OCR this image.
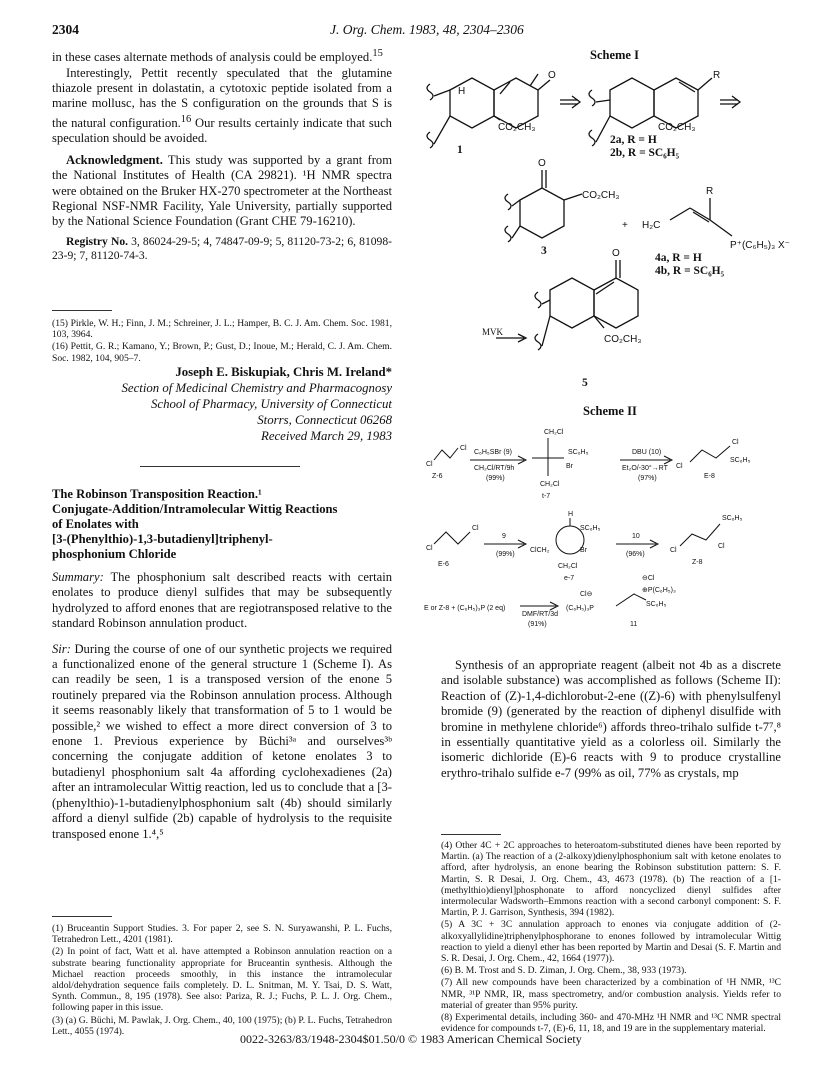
2304	J. Org. Chem. 1983, 48, 2304–2306

in these cases alternate methods of analysis could be employed.$^{15}$

Interestingly, Pettit recently speculated that the glutamine thiazole present in dolastatin, a cytotoxic peptide isolated from a marine mollusc, has the S configuration on the grounds that S is the natural configuration.$^{16}$ Our results certainly indicate that such speculation should be avoided.

Acknowledgment. This study was supported by a grant from the National Institutes of Health (CA 29821). ¹H NMR spectra were obtained on the Bruker HX-270 spectrometer at the Northeast Regional NSF-NMR Facility, Yale University, partially supported by the National Science Foundation (Grant CHE 79-16210).

Registry No. 3, 86024-29-5; 4, 74847-09-9; 5, 81120-73-2; 6, 81098-23-9; 7, 81120-74-3.

(15) Pirkle, W. H.; Finn, J. M.; Schreiner, J. L.; Hamper, B. C. J. Am. Chem. Soc. 1981, 103, 3964.

(16) Pettit, G. R.; Kamano, Y.; Brown, P.; Gust, D.; Inoue, M.; Herald, C. J. Am. Chem. Soc. 1982, 104, 905–7.

Joseph E. Biskupiak, Chris M. Ireland*

Section of Medicinal Chemistry and Pharmacognosy

School of Pharmacy, University of Connecticut

Storrs, Connecticut 06268

Received March 29, 1983

The Robinson Transposition Reaction.¹

Conjugate-Addition/Intramolecular Wittig Reactions

of Enolates with

[3-(Phenylthio)-1,3-butadienyl]triphenyl-

phosphonium Chloride

Summary: The phosphonium salt described reacts with certain enolates to produce dienyl sulfides that may be subsequently hydrolyzed to afford enones that are regiotransposed relative to the standard Robinson annulation product.

Sir: During the course of one of our synthetic projects we required a functionalized enone of the general structure 1 (Scheme I). As can readily be seen, 1 is a transposed version of the enone 5 routinely prepared via the Robinson annulation process. Although it seems reasonably likely that transformation of 5 to 1 would be possible,² we wished to effect a more direct conversion of 3 to enone 1. Previous experience by Büchi³ᵃ and ourselves³ᵇ concerning the conjugate addition of ketone enolates 3 to butadienyl phosphonium salt 4a affording cyclohexadienes (2a) after an intramolecular Wittig reaction, led us to conclude that a [3-(phenylthio)-1-butadienylphosphonium salt (4b) should similarly afford a dienyl sulfide (2b) capable of hydrolysis to the requisite transposed enone 1.⁴,⁵

(1) Bruceantin Support Studies. 3. For paper 2, see S. N. Suryawanshi, P. L. Fuchs, Tetrahedron Lett., 4201 (1981).

(2) In point of fact, Watt et al. have attempted a Robinson annulation reaction on a substrate bearing functionality appropriate for Bruceantin synthesis. Although the Michael reaction proceeds smoothly, in this instance the intramolecular aldol/dehydration sequence fails completely. D. L. Snitman, M. Y. Tsai, D. S. Watt, Synth. Commun., 8, 195 (1978). See also: Pariza, R. J.; Fuchs, P. L. J. Org. Chem., following paper in this issue.

(3) (a) G. Büchi, M. Pawlak, J. Org. Chem., 40, 100 (1975); (b) P. L. Fuchs, Tetrahedron Lett., 4055 (1974).

Scheme I
O
H
CO₂CH₃
R
CO₂CH₃
O
CO₂CH₃
+ H₂C
R
P⁺(C₆H₅)₃ X⁻
O
CO₂CH₃
1
2a, R = H
2b, R = SC₆H₅
3
4a, R = H
4b, R = SC₆H₅
MVK
5
Scheme II
Cl
Cl
Z-6
C₆H₅SBr (9)
CH₂Cl/RT/9h
(99%)
CH₂Cl
SC₆H₅
Br
CH₂Cl
t-7
DBU (10)
Et₂O/-30°→RT
(97%)
Cl
Cl
SC₆H₅
E-8
Cl
Cl
E-6
9
(99%)
H
SC₆H₅
ClCH₂	Br
CH₂Cl
e-7
10
(96%)
Cl
SC₆H₅
Cl
Z-8
E or Z-8 + (C₆H₅)₃P (2 eq)
DMF/RT/3d
(91%)
(C₆H₅)₃P
Cl⊖
⊕P(C₆H₅)₃
SC₆H₅
⊖Cl
11
Synthesis of an appropriate reagent (albeit not 4b as a discrete and isolable substance) was accomplished as follows (Scheme II): Reaction of (Z)-1,4-dichlorobut-2-ene ((Z)-6) with phenylsulfenyl bromide (9) (generated by the reaction of diphenyl disulfide with bromine in methylene chloride⁶) affords threo-trihalo sulfide t-7⁷,⁸ in essentially quantitative yield as a colorless oil. Similarly the isomeric dichloride (E)-6 reacts with 9 to produce crystalline erythro-trihalo sulfide e-7 (99% as oil, 77% as crystals, mp

(4) Other 4C + 2C approaches to heteroatom-substituted dienes have been reported by Martin. (a) The reaction of a (2-alkoxy)dienylphosphonium salt with ketone enolates to afford, after hydrolysis, an enone bearing the Robinson substitution pattern: S. F. Martin, S. R Desai, J. Org. Chem., 43, 4673 (1978). (b) The reaction of a [1-(methylthio)dienyl]phosphonate to afford noncyclized dienyl sulfides after intermolecular Wadsworth–Emmons reaction with a second carbonyl component: S. F. Martin, P. J. Garrison, Synthesis, 394 (1982).

(5) A 3C + 3C annulation approach to enones via conjugate addition of (2-alkoxyallylidine)triphenylphosphorane to enones followed by intramolecular Wittig reaction to yield a dienyl ether has been reported by Martin and Desai (S. F. Martin and S. R. Desai, J. Org. Chem., 42, 1664 (1977)).

(6) B. M. Trost and S. D. Ziman, J. Org. Chem., 38, 933 (1973).

(7) All new compounds have been characterized by a combination of ¹H NMR, ¹³C NMR, ³¹P NMR, IR, mass spectrometry, and/or combustion analysis. Yields refer to material of greater than 95% purity.

(8) Experimental details, including 360- and 470-MHz ¹H NMR and ¹³C NMR spectral evidence for compounds t-7, (E)-6, 11, 18, and 19 are in the supplementary material.

0022-3263/83/1948-2304$01.50/0 © 1983 American Chemical Society
